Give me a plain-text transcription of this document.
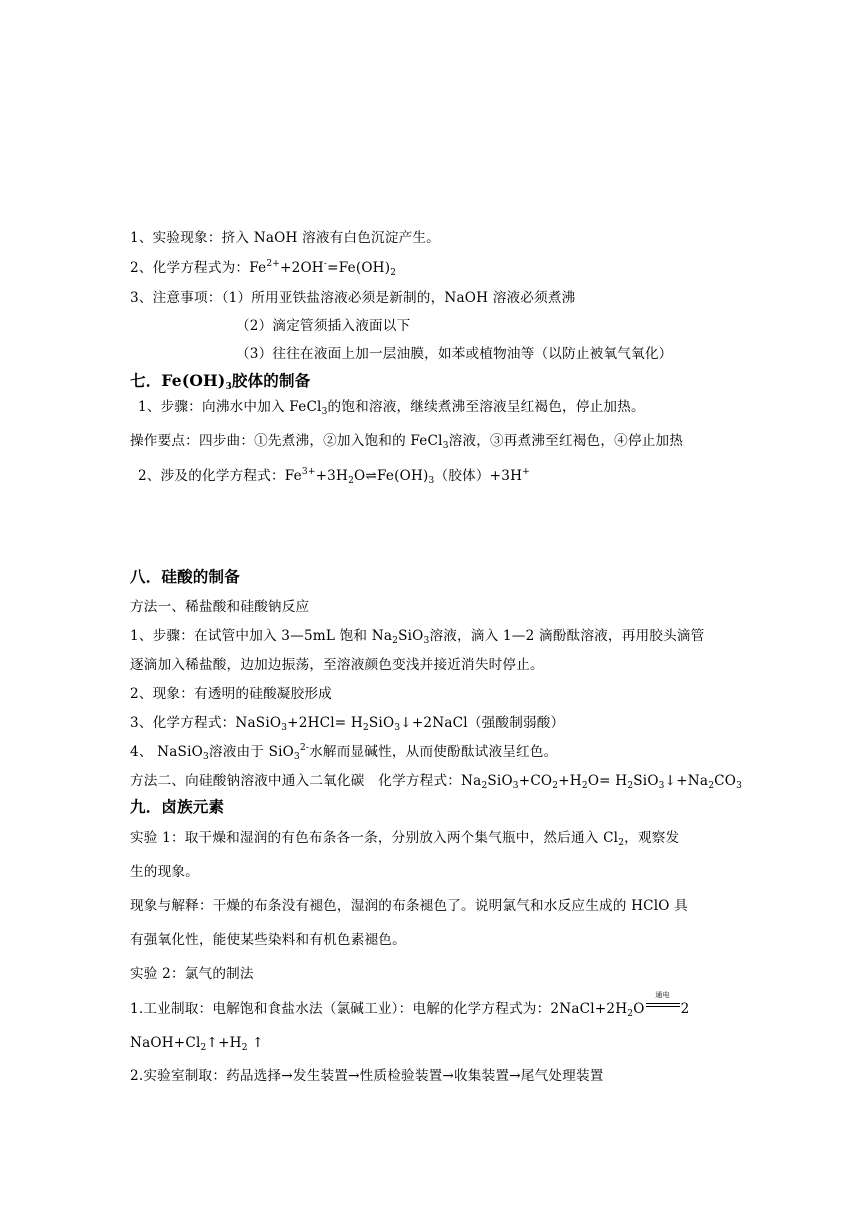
1、实验现象：挤入 NaOH 溶液有白色沉淀产生。
2、化学方程式为：$Fe^{2+}+2OH^-=Fe(OH)_2$
3、注意事项：（1）所用亚铁盐溶液必须是新制的，NaOH 溶液必须煮沸
（2）滴定管须插入液面以下
（3）往往在液面上加一层油膜，如苯或植物油等（以防止被氧气氧化）
七．$Fe(OH)_3$胶体的制备
1、步骤：向沸水中加入 FeCl$_3$的饱和溶液，继续煮沸至溶液呈红褐色，停止加热。
操作要点：四步曲：①先煮沸，②加入饱和的 FeCl$_3$溶液，③再煮沸至红褐色，④停止加热
2、涉及的化学方程式：$Fe^{3+}+3H_2O\rightleftharpoons Fe(OH)_3$（胶体）+3H+
八．硅酸的制备
方法一、稀盐酸和硅酸钠反应
1、步骤：在试管中加入 3—5mL 饱和 $Na_2SiO_3$溶液，滴入 1—2 滴酚酞溶液，再用胶头滴管
逐滴加入稀盐酸，边加边振荡，至溶液颜色变浅并接近消失时停止。
2、现象：有透明的硅酸凝胶形成
3、化学方程式：NaSiO$_3$+2HCl= $H_2SiO_3↓+2NaCl$（强酸制弱酸）
4、 NaSiO$_3$溶液由于 SiO$_3^{2-}$水解而显碱性，从而使酚酞试液呈红色。
方法二、向硅酸钠溶液中通入二氧化碳　化学方程式：$Na_2SiO_3+CO_2+H_2O=$ $H_2SiO_3↓+Na_2CO_3$
九．卤族元素
实验 1：取干燥和湿润的有色布条各一条，分别放入两个集气瓶中，然后通入 $Cl_2$，观察发
生的现象。
现象与解释：干燥的布条没有褪色，湿润的布条褪色了。说明氯气和水反应生成的 HClO 具
有强氧化性，能使某些染料和有机色素褪色。
实验 2：氯气的制法
1.工业制取：电解饱和食盐水法（氯碱工业）：电解的化学方程式为：$2NaCl+2H_2O$
通电
2
$NaOH+Cl_2↑+H_2$ ↑
2.实验室制取：药品选择→发生装置→性质检验装置→收集装置→尾气处理装置
